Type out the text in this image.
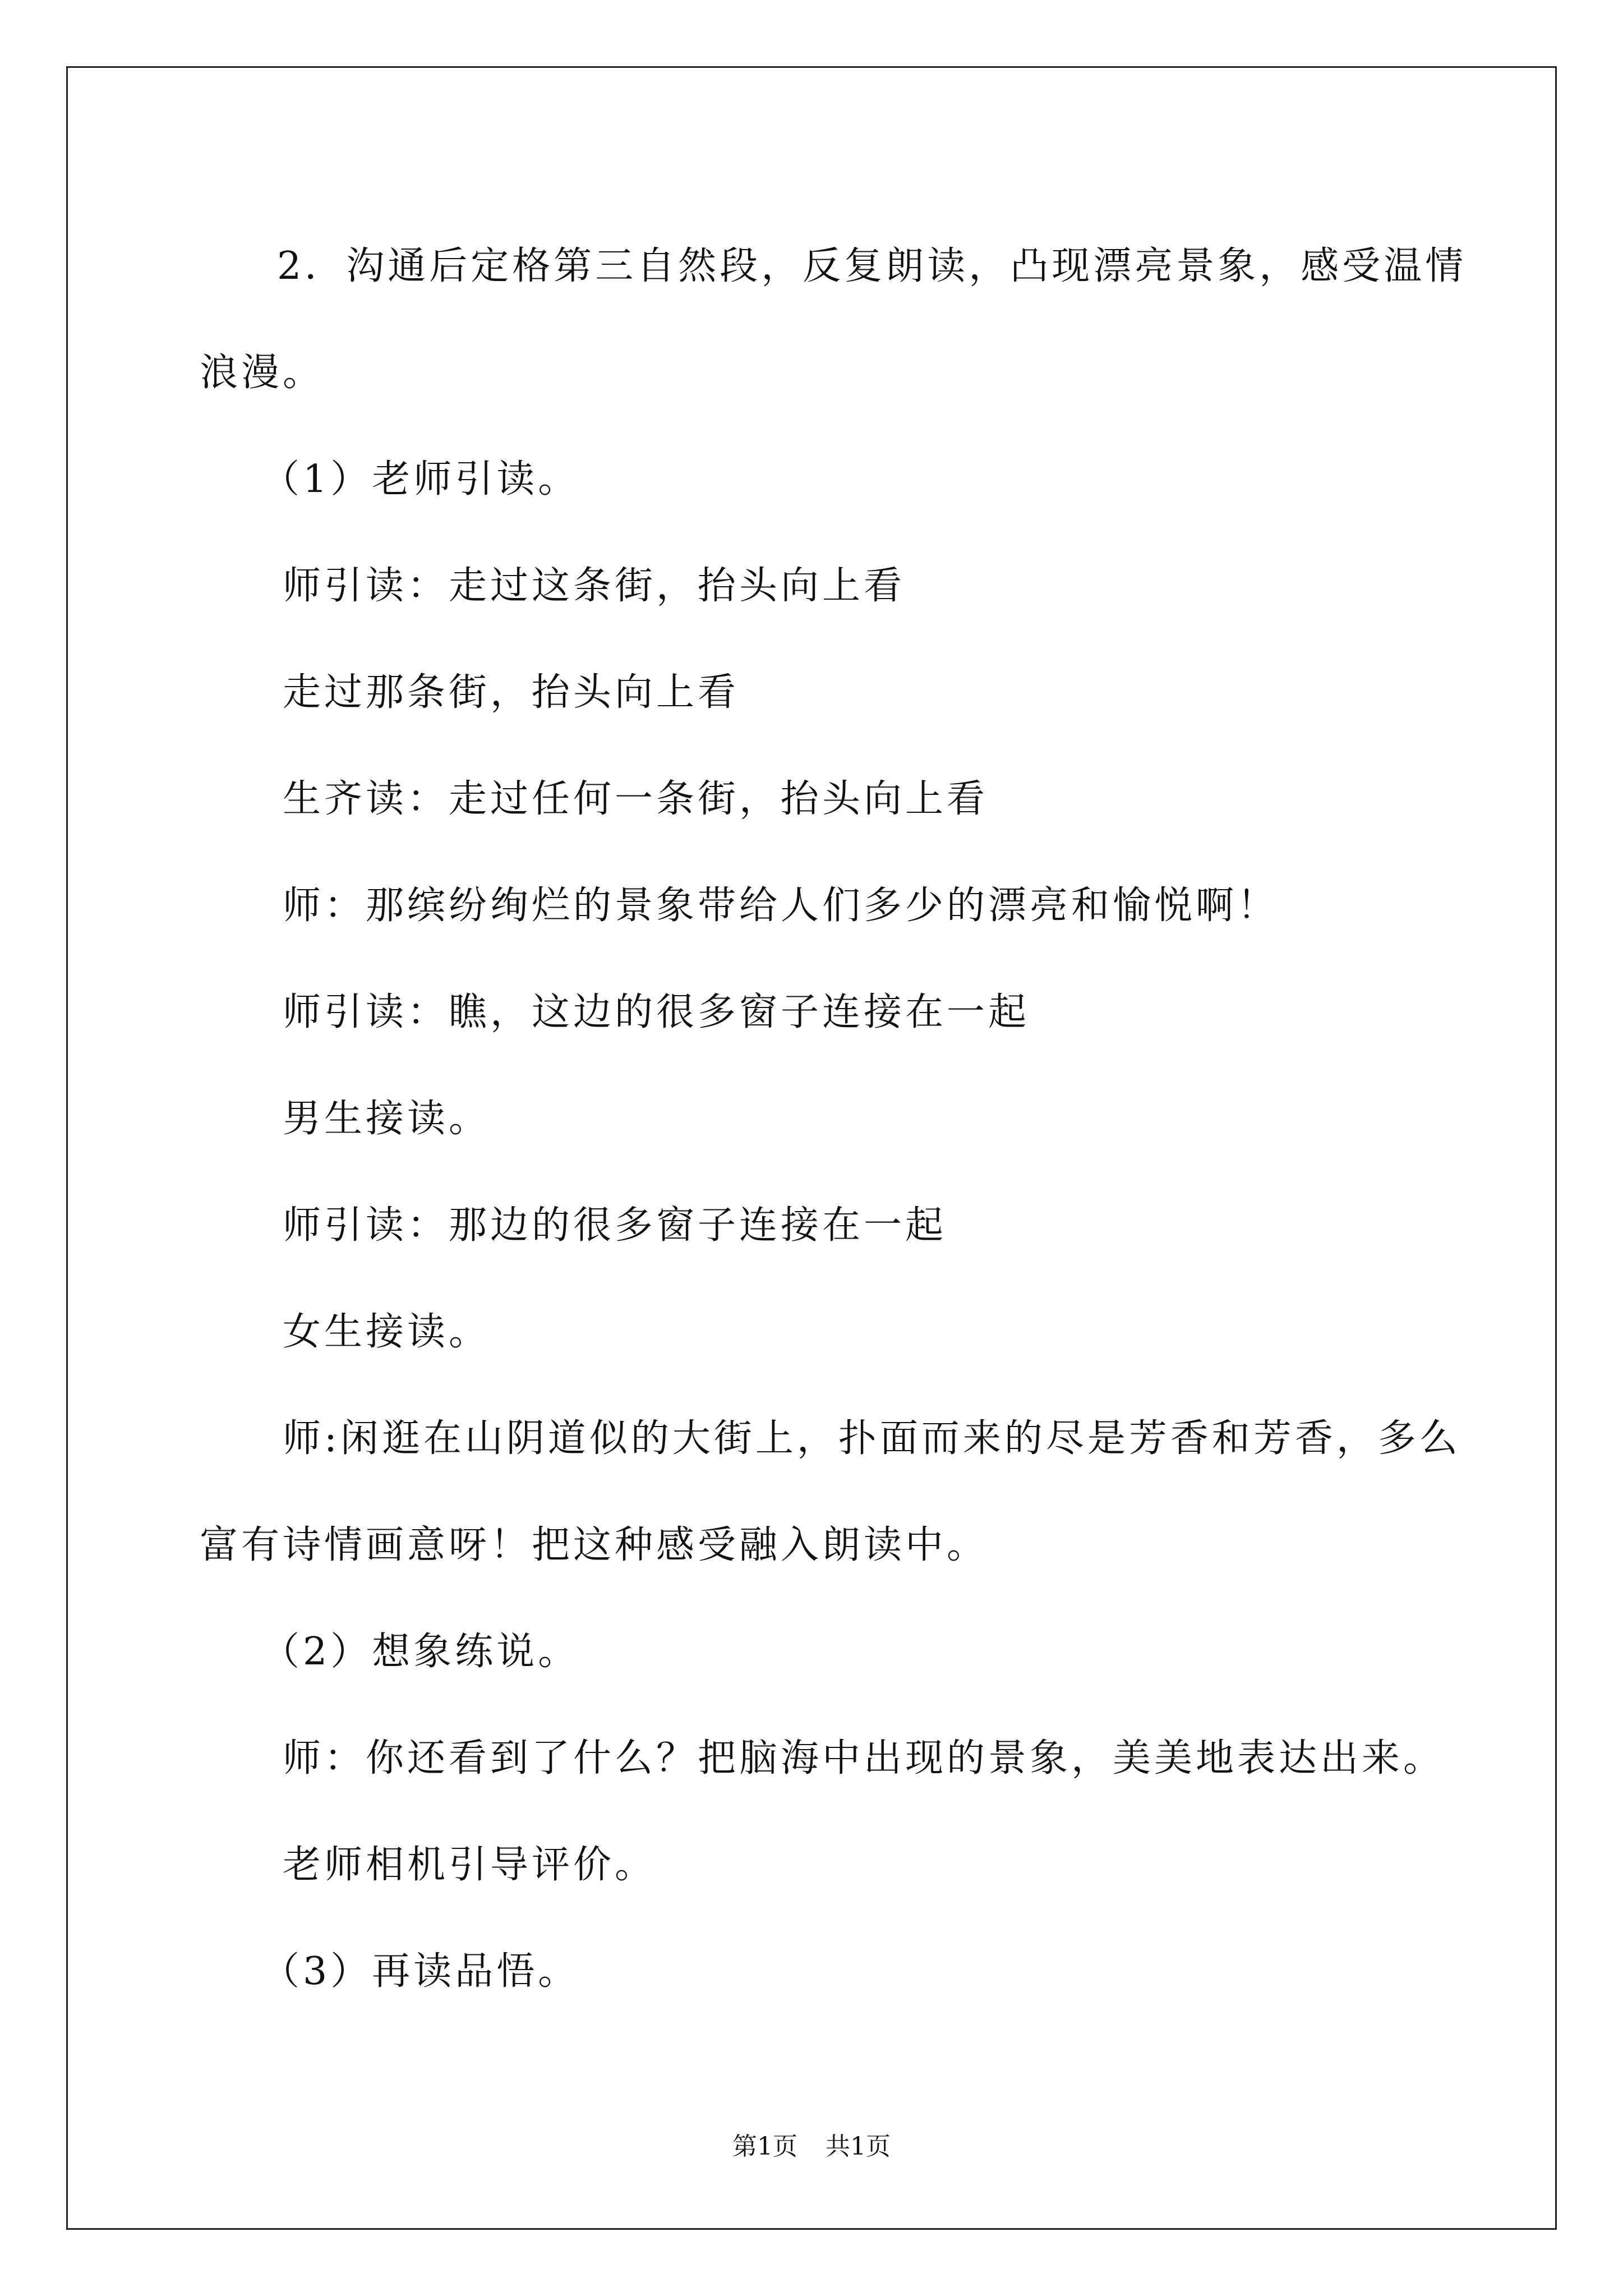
2．沟通后定格第三自然段，反复朗读，凸现漂亮景象，感受温情
浪漫。
（1）老师引读。
师引读：走过这条街，抬头向上看
走过那条街，抬头向上看
生齐读：走过任何一条街，抬头向上看
师：那缤纷绚烂的景象带给人们多少的漂亮和愉悦啊！
师引读：瞧，这边的很多窗子连接在一起
男生接读。
师引读：那边的很多窗子连接在一起
女生接读。
师:闲逛在山阴道似的大街上，扑面而来的尽是芳香和芳香，多么
富有诗情画意呀！把这种感受融入朗读中。
（2）想象练说。
师：你还看到了什么？把脑海中出现的景象，美美地表达出来。
老师相机引导评价。
（3）再读品悟。
第1页 共1页
